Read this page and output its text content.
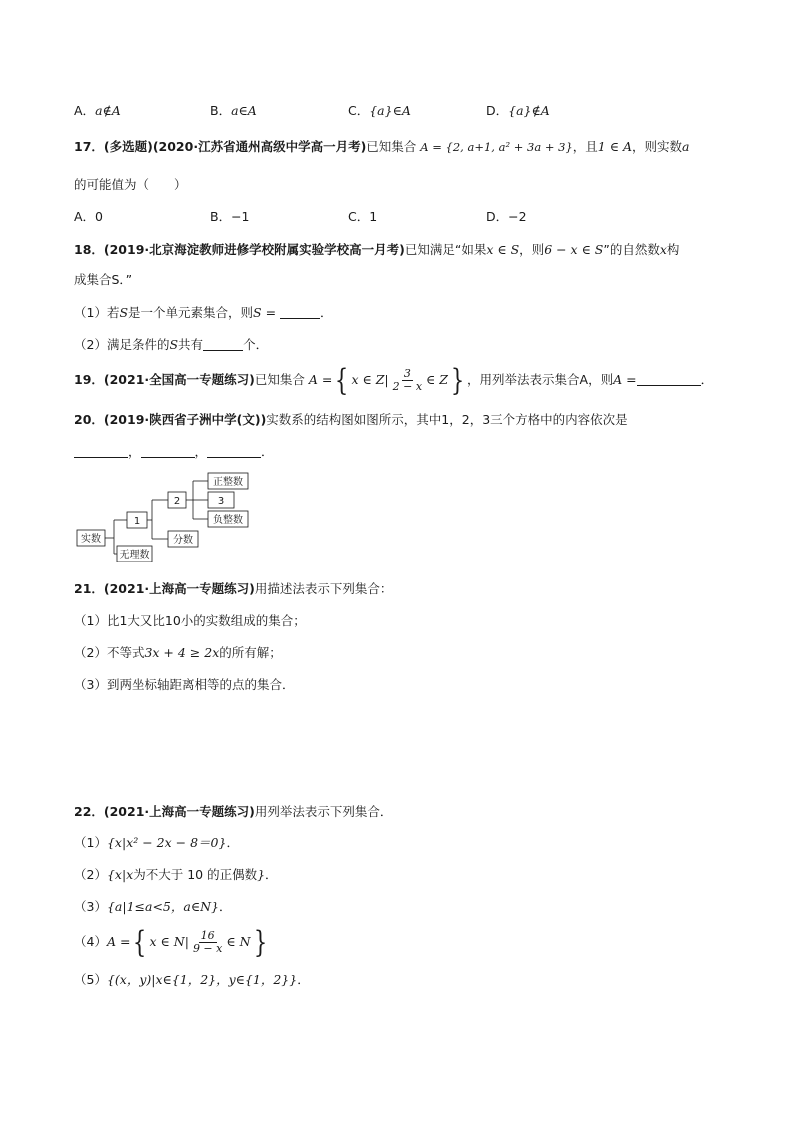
A．a∉A	B．a∈A	C．{a}∈A	D．{a}∉A
17．(多选题)(2020·江苏省通州高级中学高一月考)已知集合 A = {2, a+1, a² + 3a + 3}，且1 ∈ A，则实数a
的可能值为（　　）
A．0	B．−1	C．1	D．−2
18．(2019·北京海淀教师进修学校附属实验学校高一月考)已知满足“如果x ∈ S，则6 − x ∈ S”的自然数x构
成集合S．”
（1）若S是一个单元素集合，则S =	．
（2）满足条件的S共有	个．
19．(2021·全国高一专题练习)已知集合 A ={ x ∈ $Z| \frac{3}{2 - x}$ ∈ Z} ，用列举法表示集合A，则A =	．
20．(2019·陕西省子洲中学(文))实数系的结构图如图所示，其中1，2，3三个方格中的内容依次是
，	，	．
实数
1
无理数
2
分数
正整数
3
负整数
21．(2021·上海高一专题练习)用描述法表示下列集合：
（1）比1大又比10小的实数组成的集合；
（2）不等式3x + 4 ≥ 2x的所有解；
（3）到两坐标轴距离相等的点的集合．
22．(2021·上海高一专题练习)用列举法表示下列集合．
（1）{x|x² − 2x − 8＝0}．
（2）{x|x为不大于 10 的正偶数}．
（3）{a|1≤a<5，a∈N}．
（4）A ={ x ∈ $N| \frac{16}{9 - x}$ ∈ N}
（5）{(x，y)|x∈{1，2}，y∈{1，2}}．
